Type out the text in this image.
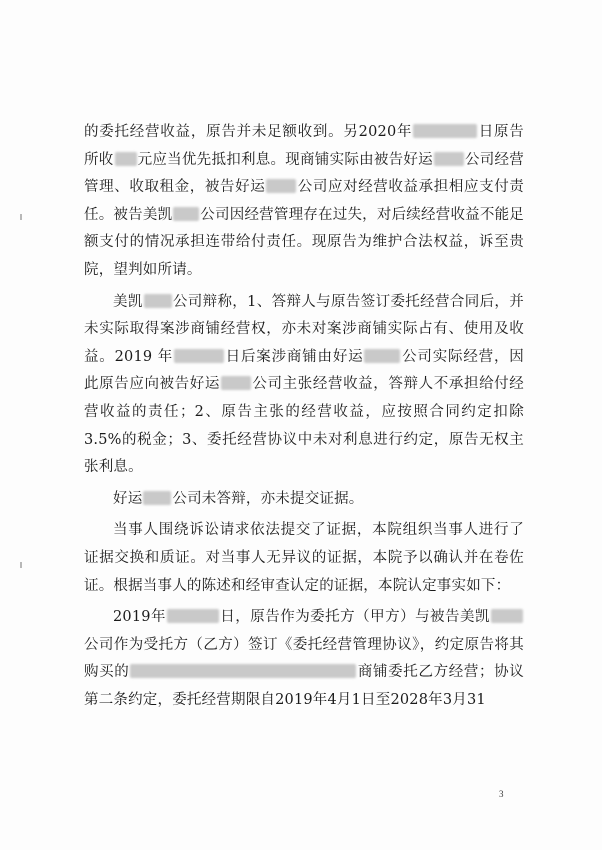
的委托经营收益，原告并未足额收到。另2020年	日原告所收 元应当优先抵扣利息。现商铺实际由被告好运 公司经营管理、收取租金，被告好运 公司应对经营收益承担相应支付责任。被告美凯 公司因经营管理存在过失，对后续经营收益不能足额支付的情况承担连带给付责任。现原告为维护合法权益，诉至贵院，望判如所请。

美凯 公司辩称，1、答辩人与原告签订委托经营合同后，并未实际取得案涉商铺经营权，亦未对案涉商铺实际占有、使用及收益。2019 年	日后案涉商铺由好运	公司实际经营，因此原告应向被告好运 公司主张经营收益，答辩人不承担给付经营收益的责任；2、原告主张的经营收益，应按照合同约定扣除 3.5%的税金；3、委托经营协议中未对利息进行约定，原告无权主张利息。

好运 公司未答辩，亦未提交证据。

当事人围绕诉讼请求依法提交了证据，本院组织当事人进行了证据交换和质证。对当事人无异议的证据，本院予以确认并在卷佐证。根据当事人的陈述和经审查认定的证据，本院认定事实如下：

2019年	日，原告作为委托方（甲方）与被告美凯公司作为受托方（乙方）签订《委托经营管理协议》，约定原告将其购买的	商铺委托乙方经营；协议第二条约定，委托经营期限自2019年4月1日至2028年3月31

3
